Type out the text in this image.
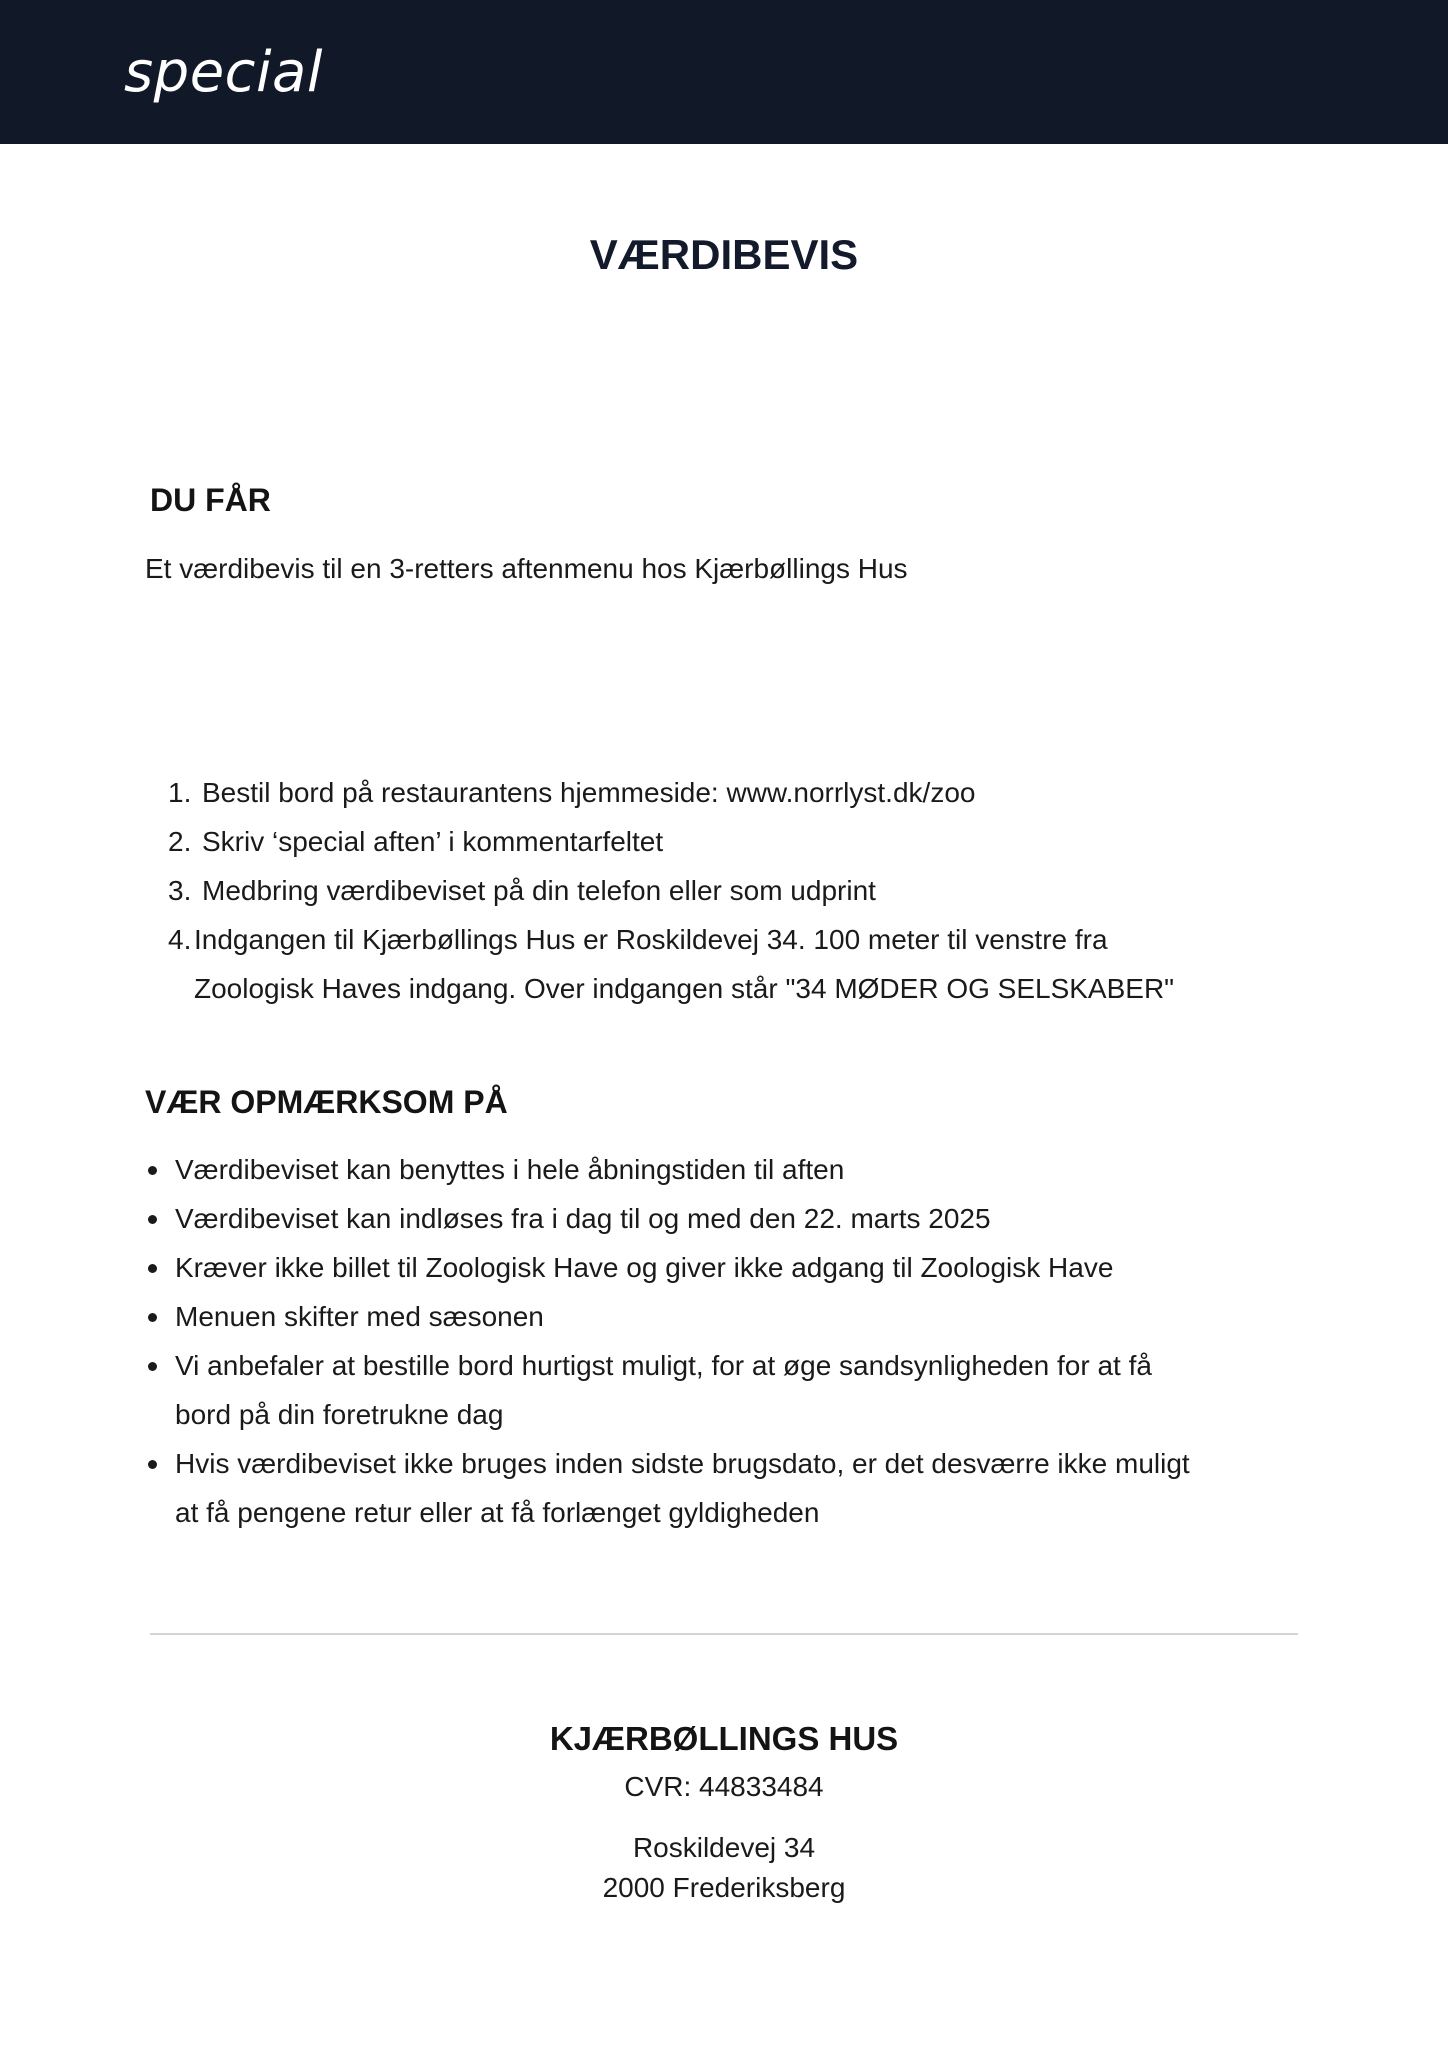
special
VÆRDIBEVIS
DU FÅR

Et værdibevis til en 3-retters aftenmenu hos Kjærbøllings Hus

1. Bestil bord på restaurantens hjemmeside: www.norrlyst.dk/zoo
2. Skriv ‘special aften’ i kommentarfeltet
3. Medbring værdibeviset på din telefon eller som udprint
4. Indgangen til Kjærbøllings Hus er Roskildevej 34. 100 meter til venstre fra
Zoologisk Haves indgang. Over indgangen står "34 MØDER OG SELSKABER"
VÆR OPMÆRKSOM PÅ
Værdibeviset kan benyttes i hele åbningstiden til aften
Værdibeviset kan indløses fra i dag til og med den 22. marts 2025
Kræver ikke billet til Zoologisk Have og giver ikke adgang til Zoologisk Have
Menuen skifter med sæsonen
Vi anbefaler at bestille bord hurtigst muligt, for at øge sandsynligheden for at få
bord på din foretrukne dag
Hvis værdibeviset ikke bruges inden sidste brugsdato, er det desværre ikke muligt
at få pengene retur eller at få forlænget gyldigheden
KJÆRBØLLINGS HUS
CVR: 44833484
Roskildevej 34
2000 Frederiksberg
